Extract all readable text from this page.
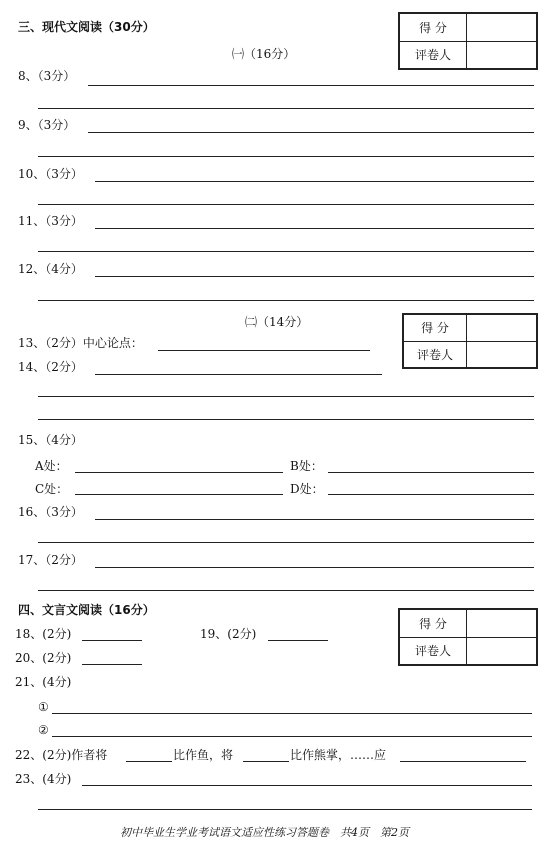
三、现代文阅读（30分）	得 分	
评卷人	
㈠（16分）
8、（3分）
9、（3分）
10、（3分）
11、（3分）
12、（4分）
㈡（14分）	得 分	
评卷人	
13、（2分）中心论点：
14、（2分）
15、（4分）
A处：	B处：
C处：	D处：
16、（3分）
17、（2分）
四、文言文阅读（16分）
得 分	
评卷人	
18、(2分)	19、(2分)
20、(2分)
21、(4分)
①
②
22、(2分)作者将	比作鱼，将	比作熊掌，……应
23、(4分)
初中毕业生学业考试语文适应性练习答题卷　共4页　第2页
